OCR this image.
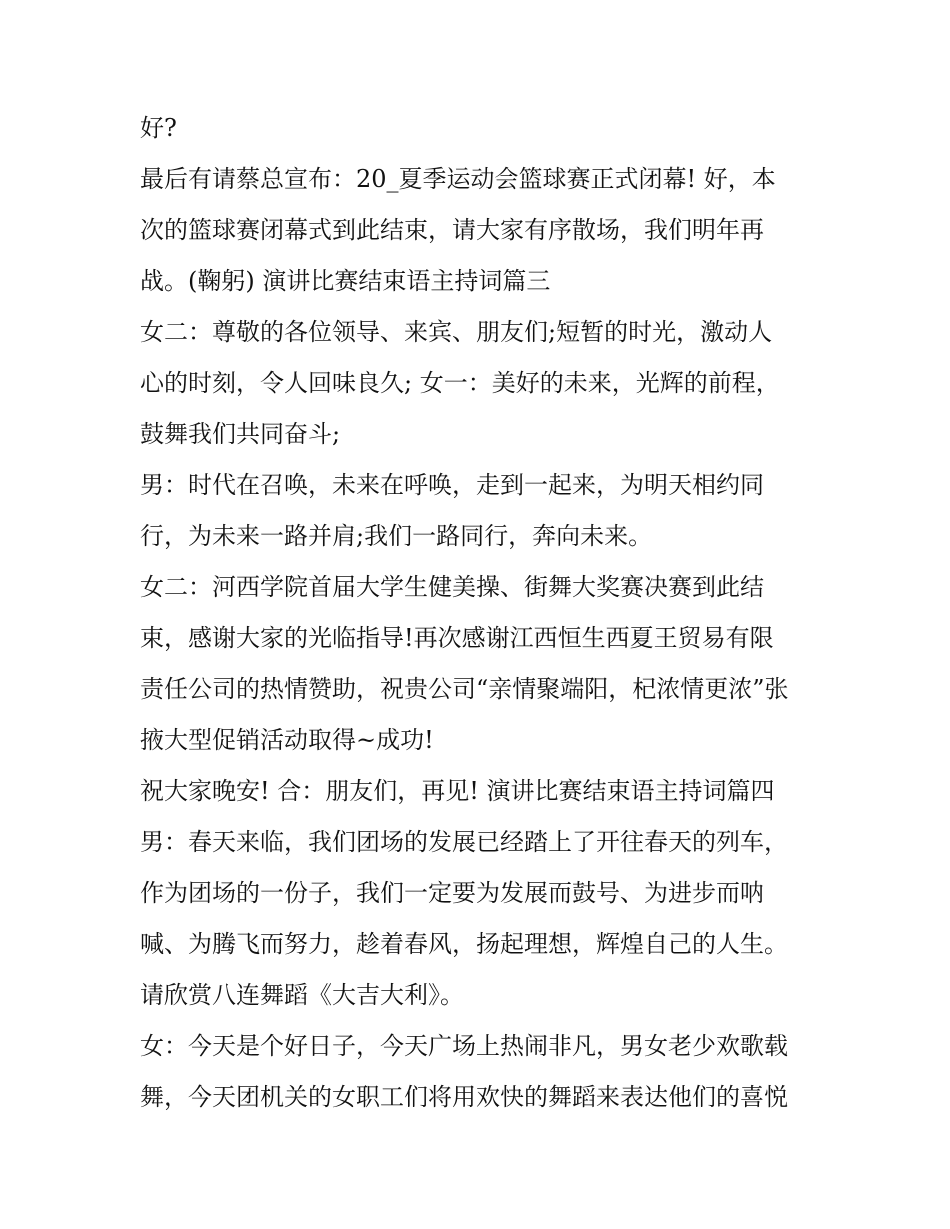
好?
最后有请蔡总宣布：20_夏季运动会篮球赛正式闭幕! 好，本
次的篮球赛闭幕式到此结束，请大家有序散场，我们明年再
战。(鞠躬) 演讲比赛结束语主持词篇三
女二：尊敬的各位领导、来宾、朋友们;短暂的时光，激动人
心的时刻，令人回味良久; 女一：美好的未来，光辉的前程，
鼓舞我们共同奋斗;
男：时代在召唤，未来在呼唤，走到一起来，为明天相约同
行，为未来一路并肩;我们一路同行，奔向未来。
女二：河西学院首届大学生健美操、街舞大奖赛决赛到此结
束，感谢大家的光临指导!再次感谢江西恒生西夏王贸易有限
责任公司的热情赞助，祝贵公司“亲情聚端阳，杞浓情更浓”张
掖大型促销活动取得~成功!
祝大家晚安! 合：朋友们，再见! 演讲比赛结束语主持词篇四
男：春天来临，我们团场的发展已经踏上了开往春天的列车，
作为团场的一份子，我们一定要为发展而鼓号、为进步而呐
喊、为腾飞而努力，趁着春风，扬起理想，辉煌自己的人生。
请欣赏八连舞蹈《大吉大利》。
女：今天是个好日子，今天广场上热闹非凡，男女老少欢歌载
舞，今天团机关的女职工们将用欢快的舞蹈来表达他们的喜悦
